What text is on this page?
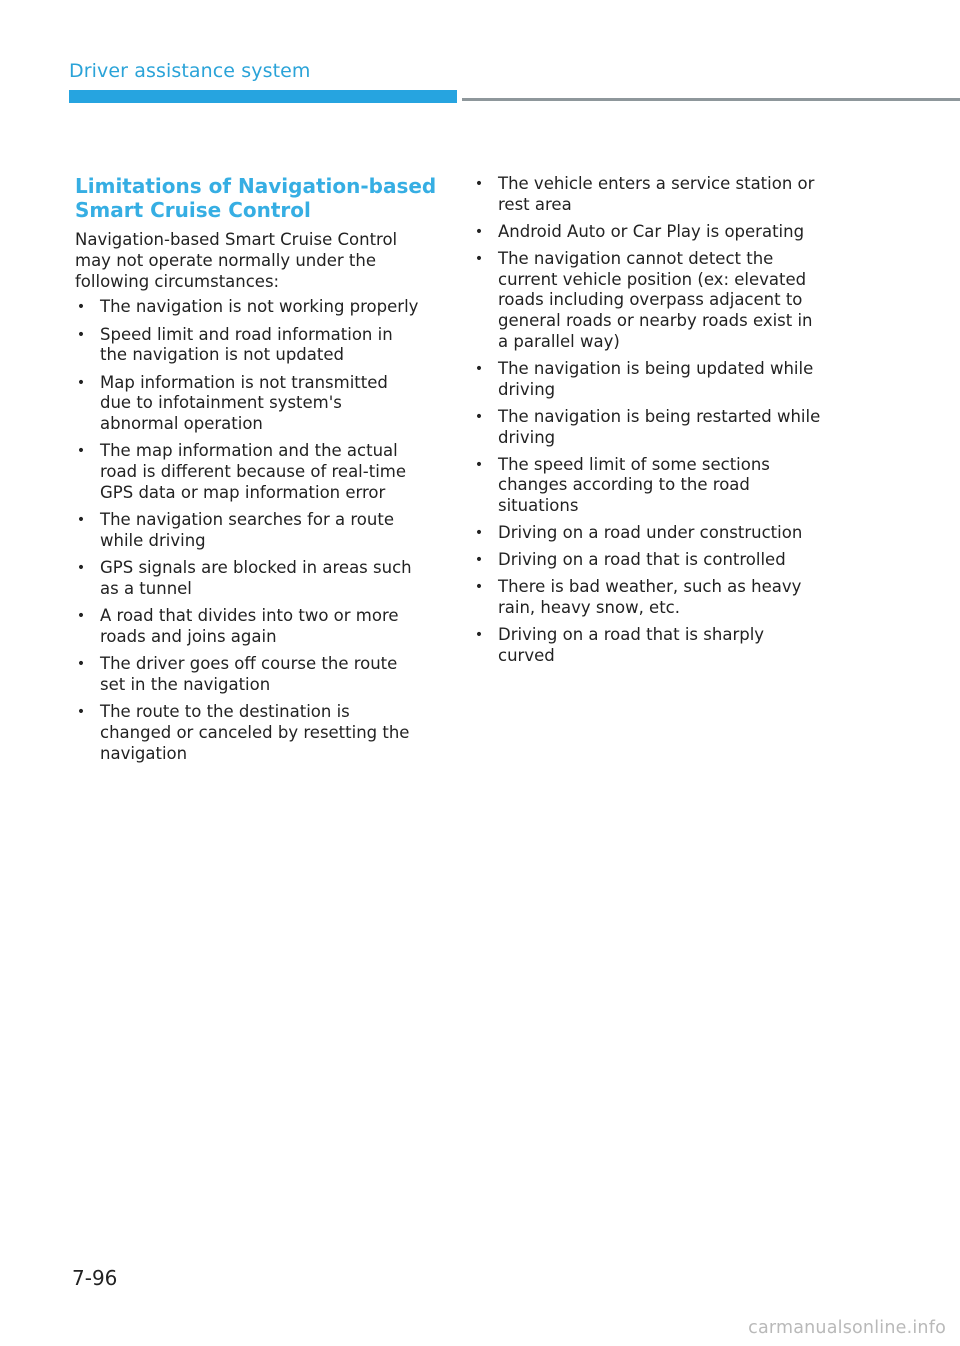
Driver assistance system
Limitations of Navigation-based
Smart Cruise Control

Navigation-based Smart Cruise Control
may not operate normally under the
following circumstances:

• The navigation is not working properly
• Speed limit and road information in
the navigation is not updated
• Map information is not transmitted
due to infotainment system's
abnormal operation
• The map information and the actual
road is different because of real-time
GPS data or map information error
• The navigation searches for a route
while driving
• GPS signals are blocked in areas such
as a tunnel
• A road that divides into two or more
roads and joins again
• The driver goes off course the route
set in the navigation
• The route to the destination is
changed or canceled by resetting the
navigation
• The vehicle enters a service station or
rest area
• Android Auto or Car Play is operating
• The navigation cannot detect the
current vehicle position (ex: elevated
roads including overpass adjacent to
general roads or nearby roads exist in
a parallel way)
• The navigation is being updated while
driving
• The navigation is being restarted while
driving
• The speed limit of some sections
changes according to the road
situations
• Driving on a road under construction
• Driving on a road that is controlled
• There is bad weather, such as heavy
rain, heavy snow, etc.
• Driving on a road that is sharply
curved
7-96
carmanualsonline.info
